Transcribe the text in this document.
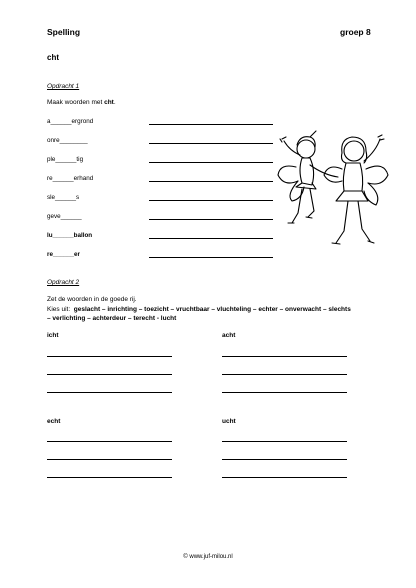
Spelling	groep 8
cht
Opdracht 1
Maak woorden met cht.
a______ergrond
onre________
ple______tig
re______erhand
sle______s
geve______
lu______ballon
re______er
Opdracht 2
Zet de woorden in de goede rij.
Kies uit: geslacht – inrichting – toezicht – vruchtbaar – vluchteling – echter – onverwacht – slechts
– verlichting – achterdeur – terecht - lucht
icht	acht
echt	ucht
© www.juf-milou.nl
